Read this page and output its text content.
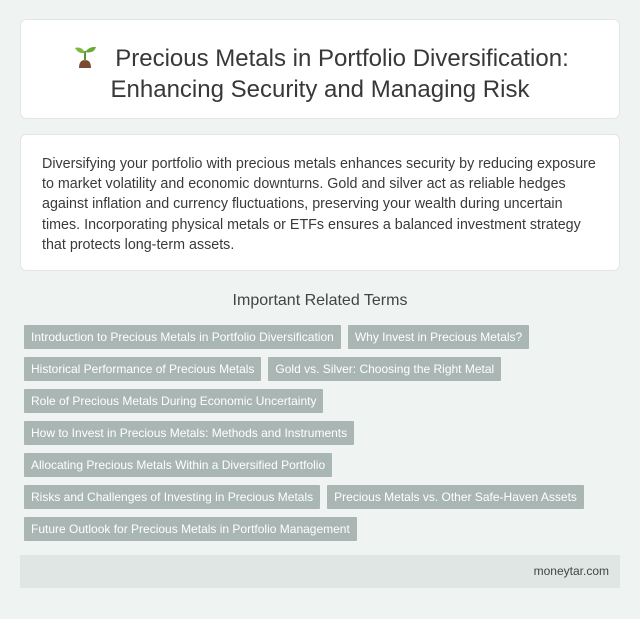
Precious Metals in Portfolio Diversification:
Enhancing Security and Managing Risk

Diversifying your portfolio with precious metals enhances security by reducing exposure to market volatility and economic downturns. Gold and silver act as reliable hedges against inflation and currency fluctuations, preserving your wealth during uncertain times. Incorporating physical metals or ETFs ensures a balanced investment strategy that protects long-term assets.

Important Related Terms
Introduction to Precious Metals in Portfolio Diversification	Why Invest in Precious Metals?
Historical Performance of Precious Metals	Gold vs. Silver: Choosing the Right Metal
Role of Precious Metals During Economic Uncertainty
How to Invest in Precious Metals: Methods and Instruments
Allocating Precious Metals Within a Diversified Portfolio
Risks and Challenges of Investing in Precious Metals	Precious Metals vs. Other Safe-Haven Assets
Future Outlook for Precious Metals in Portfolio Management
moneytar.com
